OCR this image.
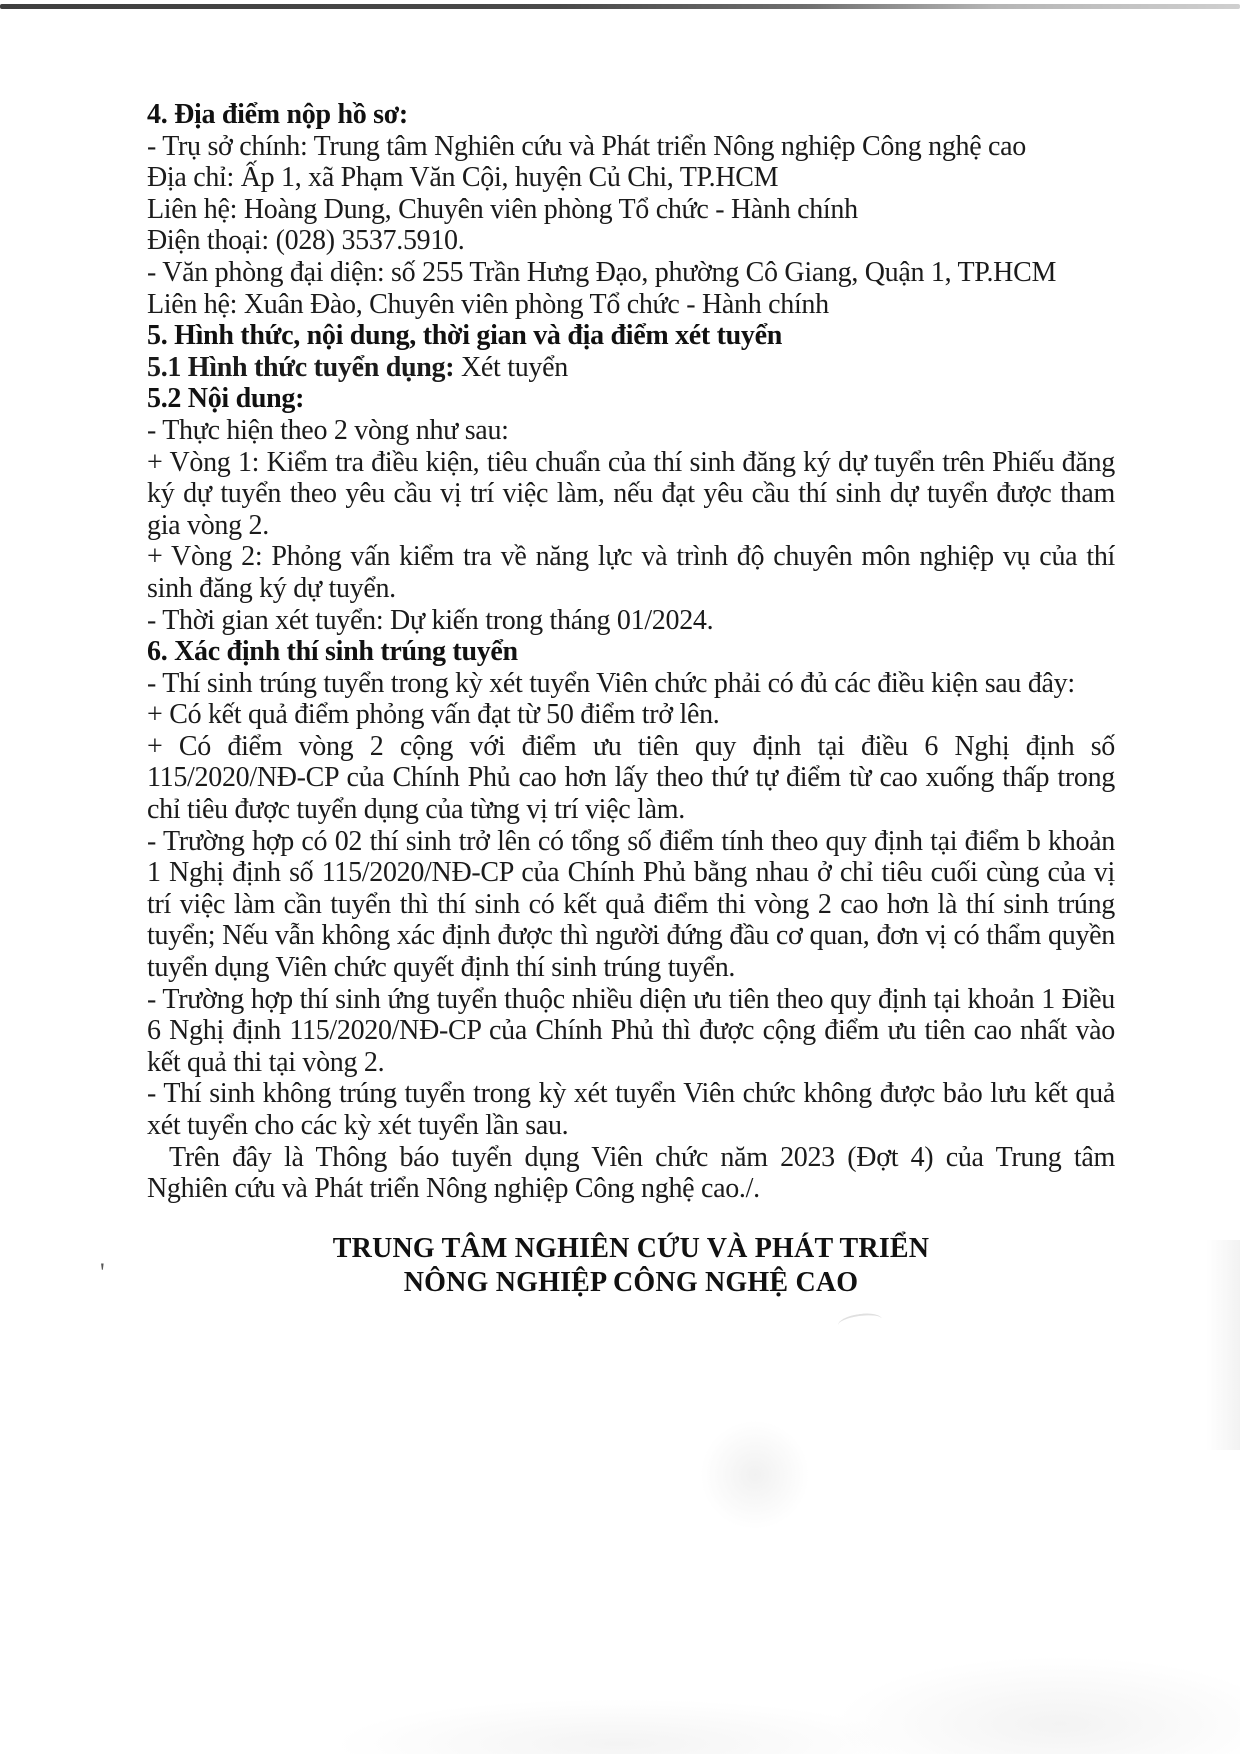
4. Địa điểm nộp hồ sơ:

- Trụ sở chính: Trung tâm Nghiên cứu và Phát triển Nông nghiệp Công nghệ cao

Địa chỉ: Ấp 1, xã Phạm Văn Cội, huyện Củ Chi, TP.HCM

Liên hệ: Hoàng Dung, Chuyên viên phòng Tổ chức - Hành chính

Điện thoại: (028) 3537.5910.

- Văn phòng đại diện: số 255 Trần Hưng Đạo, phường Cô Giang, Quận 1, TP.HCM

Liên hệ: Xuân Đào, Chuyên viên phòng Tổ chức - Hành chính

5. Hình thức, nội dung, thời gian và địa điểm xét tuyển

5.1 Hình thức tuyển dụng: Xét tuyển

5.2 Nội dung:

- Thực hiện theo 2 vòng như sau:

+ Vòng 1: Kiểm tra điều kiện, tiêu chuẩn của thí sinh đăng ký dự tuyển trên Phiếu đăng ký dự tuyển theo yêu cầu vị trí việc làm, nếu đạt yêu cầu thí sinh dự tuyển được tham gia vòng 2.

+ Vòng 2: Phỏng vấn kiểm tra về năng lực và trình độ chuyên môn nghiệp vụ của thí sinh đăng ký dự tuyển.

- Thời gian xét tuyển: Dự kiến trong tháng 01/2024.

6. Xác định thí sinh trúng tuyển

- Thí sinh trúng tuyển trong kỳ xét tuyển Viên chức phải có đủ các điều kiện sau đây:

+ Có kết quả điểm phỏng vấn đạt từ 50 điểm trở lên.

+ Có điểm vòng 2 cộng với điểm ưu tiên quy định tại điều 6 Nghị định số 115/2020/NĐ-CP của Chính Phủ cao hơn lấy theo thứ tự điểm từ cao xuống thấp trong chỉ tiêu được tuyển dụng của từng vị trí việc làm.

- Trường hợp có 02 thí sinh trở lên có tổng số điểm tính theo quy định tại điểm b khoản 1 Nghị định số 115/2020/NĐ-CP của Chính Phủ bằng nhau ở chỉ tiêu cuối cùng của vị trí việc làm cần tuyển thì thí sinh có kết quả điểm thi vòng 2 cao hơn là thí sinh trúng tuyển; Nếu vẫn không xác định được thì người đứng đầu cơ quan, đơn vị có thẩm quyền tuyển dụng Viên chức quyết định thí sinh trúng tuyển.

- Trường hợp thí sinh ứng tuyển thuộc nhiều diện ưu tiên theo quy định tại khoản 1 Điều 6 Nghị định 115/2020/NĐ-CP của Chính Phủ thì được cộng điểm ưu tiên cao nhất vào kết quả thi tại vòng 2.

- Thí sinh không trúng tuyển trong kỳ xét tuyển Viên chức không được bảo lưu kết quả xét tuyển cho các kỳ xét tuyển lần sau.

Trên đây là Thông báo tuyển dụng Viên chức năm 2023 (Đợt 4) của Trung tâm Nghiên cứu và Phát triển Nông nghiệp Công nghệ cao./.

TRUNG TÂM NGHIÊN CỨU VÀ PHÁT TRIỂN
NÔNG NGHIỆP CÔNG NGHỆ CAO
'
